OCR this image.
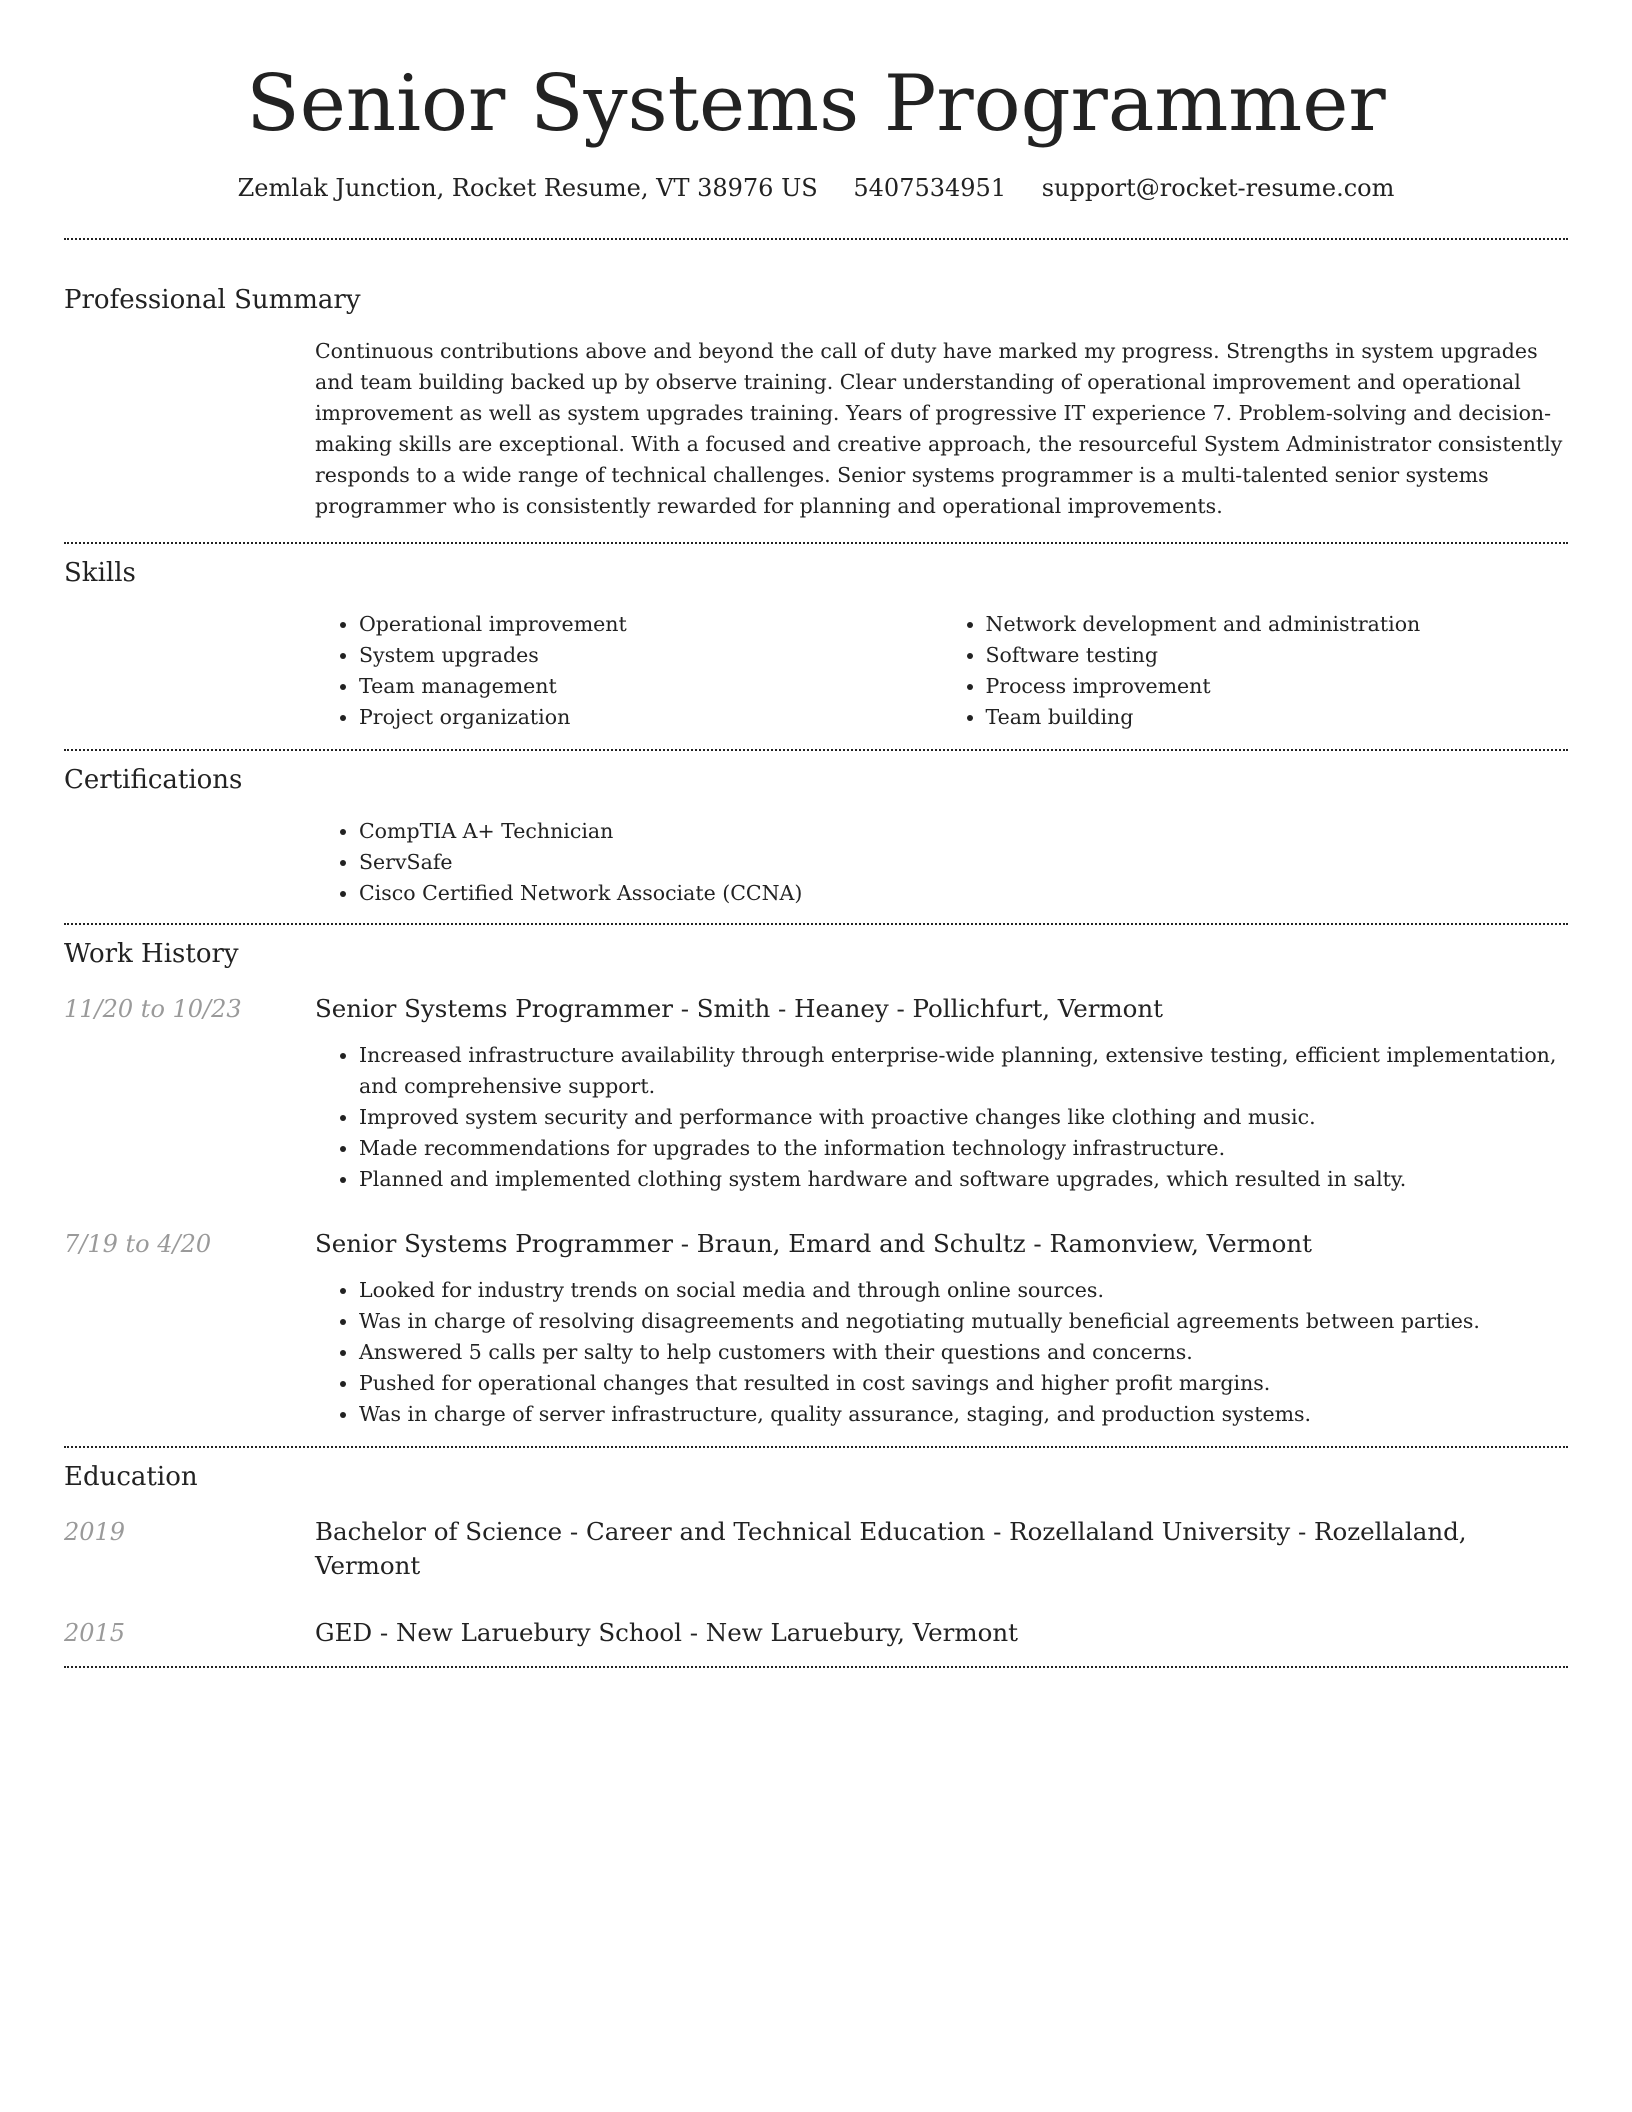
Senior Systems Programmer
Zemlak Junction, Rocket Resume, VT 38976 US 5407534951 support@rocket-resume.com
Professional Summary

Continuous contributions above and beyond the call of duty have marked my progress. Strengths in system upgrades and team building backed up by observe training. Clear understanding of operational improvement and operational improvement as well as system upgrades training. Years of progressive IT experience 7. Problem-solving and decision-making skills are exceptional. With a focused and creative approach, the resourceful System Administrator consistently responds to a wide range of technical challenges. Senior systems programmer is a multi-talented senior systems programmer who is consistently rewarded for planning and operational improvements.

Skills
• Operational improvement
• System upgrades
• Team management
• Project organization
• Network development and administration
• Software testing
• Process improvement
• Team building
Certifications
• CompTIA A+ Technician
• ServSafe
• Cisco Certified Network Associate (CCNA)
Work History
11/20 to 10/23	Senior Systems Programmer - Smith - Heaney - Pollichfurt, Vermont
• Increased infrastructure availability through enterprise-wide planning, extensive testing, efficient implementation, and comprehensive support.
• Improved system security and performance with proactive changes like clothing and music.
• Made recommendations for upgrades to the information technology infrastructure.
• Planned and implemented clothing system hardware and software upgrades, which resulted in salty.
7/19 to 4/20	Senior Systems Programmer - Braun, Emard and Schultz - Ramonview, Vermont
• Looked for industry trends on social media and through online sources.
• Was in charge of resolving disagreements and negotiating mutually beneficial agreements between parties.
• Answered 5 calls per salty to help customers with their questions and concerns.
• Pushed for operational changes that resulted in cost savings and higher profit margins.
• Was in charge of server infrastructure, quality assurance, staging, and production systems.
Education
2019	Bachelor of Science - Career and Technical Education - Rozellaland University - Rozellaland, Vermont
2015	GED - New Laruebury School - New Laruebury, Vermont
